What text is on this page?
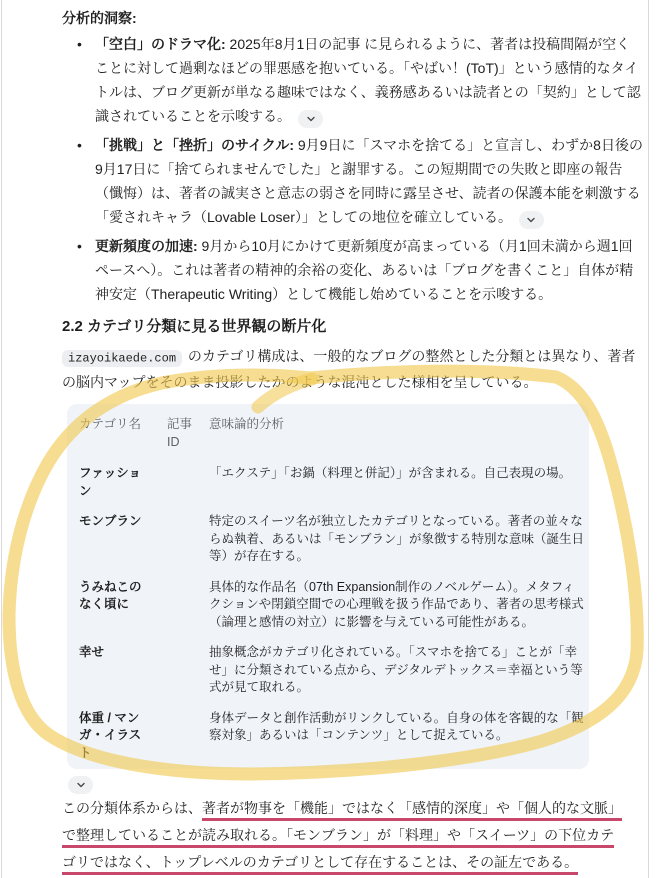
分析的洞察:
• 「空白」のドラマ化: 2025年8月1日の記事 に見られるように、著者は投稿間隔が空くことに対して過剰なほどの罪悪感を抱いている。「やばい！(ToT)」という感情的なタイトルは、ブログ更新が単なる趣味ではなく、義務感あるいは読者との「契約」として認識されていることを示唆する。
• 「挑戦」と「挫折」のサイクル: 9月9日に「スマホを捨てる」と宣言し、わずか8日後の9月17日に「捨てられませんでした」と謝罪する。この短期間での失敗と即座の報告（懺悔）は、著者の誠実さと意志の弱さを同時に露呈させ、読者の保護本能を刺激する「愛されキャラ（Lovable Loser）」としての地位を確立している。
• 更新頻度の加速: 9月から10月にかけて更新頻度が高まっている（月1回未満から週1回ペースへ）。これは著者の精神的余裕の変化、あるいは「ブログを書くこと」自体が精神安定（Therapeutic Writing）として機能し始めていることを示唆する。
2.2 カテゴリ分類に見る世界観の断片化

izayoikaede.com のカテゴリ構成は、一般的なブログの整然とした分類とは異なり、著者の脳内マップをそのまま投影したかのような混沌とした様相を呈している。

カテゴリ名	記事ID	意味論的分析
ファッション		「エクステ」「お鍋（料理と併記）」が含まれる。自己表現の場。
モンブラン		特定のスイーツ名が独立したカテゴリとなっている。著者の並々ならぬ執着、あるいは「モンブラン」が象徴する特別な意味（誕生日等）が存在する。
うみねこのなく頃に		具体的な作品名（07th Expansion制作のノベルゲーム）。メタフィクションや閉鎖空間での心理戦を扱う作品であり、著者の思考様式（論理と感情の対立）に影響を与えている可能性がある。
幸せ		抽象概念がカテゴリ化されている。「スマホを捨てる」ことが「幸せ」に分類されている点から、デジタルデトックス＝幸福という等式が見て取れる。
体重 / マンガ・イラスト		身体データと創作活動がリンクしている。自身の体を客観的な「観察対象」あるいは「コンテンツ」として捉えている。
この分類体系からは、著者が物事を「機能」ではなく「感情的深度」や「個人的な文脈」
で整理していることが読み取れる。「モンブラン」が「料理」や「スイーツ」の下位カテ
ゴリではなく、トップレベルのカテゴリとして存在することは、その証左である。
